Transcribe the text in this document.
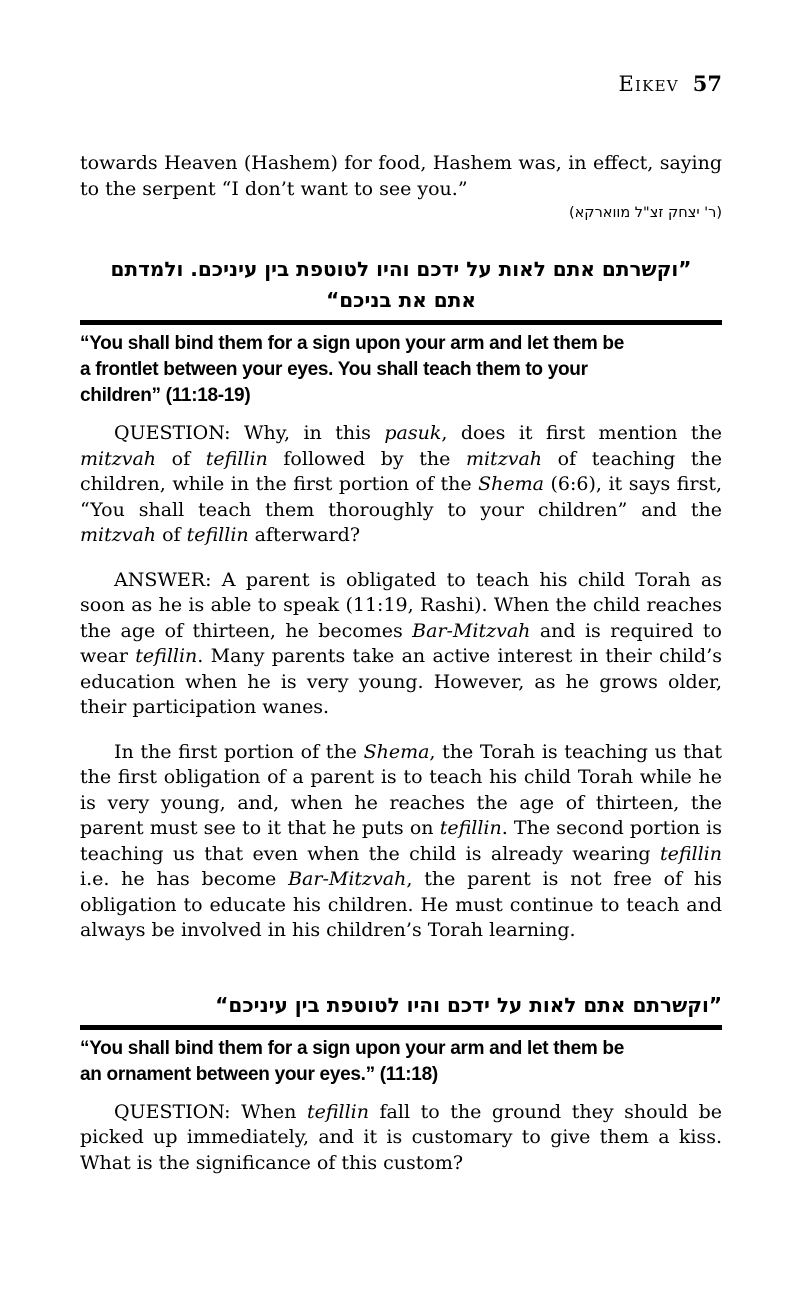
Eikev 57

towards Heaven (Hashem) for food, Hashem was, in effect, saying to the serpent “I don’t want to see you.”

(ר' יצחק זצ"ל מווארקא)

”וקשרתם אתם לאות על ידכם והיו לטוטפת בין עיניכם. ולמדתם
אתם את בניכם“

“You shall bind them for a sign upon your arm and let them be
a frontlet between your eyes. You shall teach them to your
children” (11:18-19)

QUESTION: Why, in this pasuk, does it first mention the mitzvah of tefillin followed by the mitzvah of teaching the children, while in the first portion of the Shema (6:6), it says first, “You shall teach them thoroughly to your children” and the mitzvah of tefillin afterward?

ANSWER: A parent is obligated to teach his child Torah as soon as he is able to speak (11:19, Rashi). When the child reaches the age of thirteen, he becomes Bar-Mitzvah and is required to wear tefillin. Many parents take an active interest in their child’s education when he is very young. However, as he grows older, their participation wanes.

In the first portion of the Shema, the Torah is teaching us that the first obligation of a parent is to teach his child Torah while he is very young, and, when he reaches the age of thirteen, the parent must see to it that he puts on tefillin. The second portion is teaching us that even when the child is already wearing tefillin i.e. he has become Bar-Mitzvah, the parent is not free of his obligation to educate his children. He must continue to teach and always be involved in his children’s Torah learning.

”וקשרתם אתם לאות על ידכם והיו לטוטפת בין עיניכם“

“You shall bind them for a sign upon your arm and let them be
an ornament between your eyes.” (11:18)

QUESTION: When tefillin fall to the ground they should be picked up immediately, and it is customary to give them a kiss. What is the significance of this custom?
